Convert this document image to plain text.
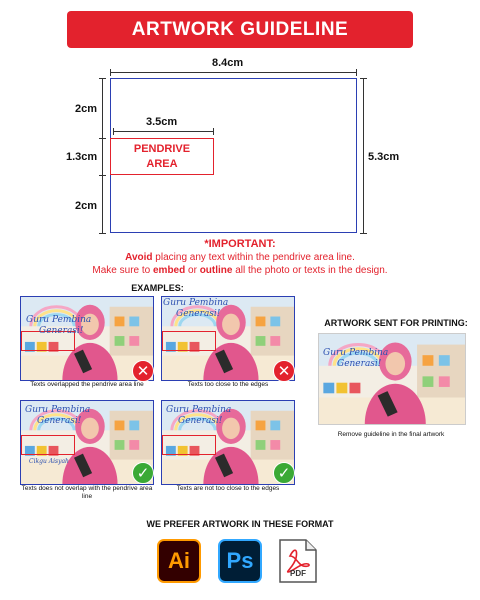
ARTWORK GUIDELINE
8.4cm
2cm
1.3cm
2cm
5.3cm
3.5cm
PENDRIVE
AREA
*IMPORTANT:
Avoid placing any text within the pendrive area line.
Make sure to embed or outline all the photo or texts in the design.
EXAMPLES:
ARTWORK SENT FOR PRINTING:
Guru Pembina
Generasi!
✕
Texts overlapped the pendrive area line
Guru Pembina
Generasi!
✕
Texts too close to the edges
Guru Pembina
Generasi!
Cikgu Aisyah
✓
Texts does not overlap with the pendrive area line
Guru Pembina
Generasi!
✓
Texts are not too close to the edges
Guru Pembina
Generasi!
Remove guideline in the final artwork
WE PREFER ARTWORK IN THESE FORMAT
Ai	Ps
PDF
